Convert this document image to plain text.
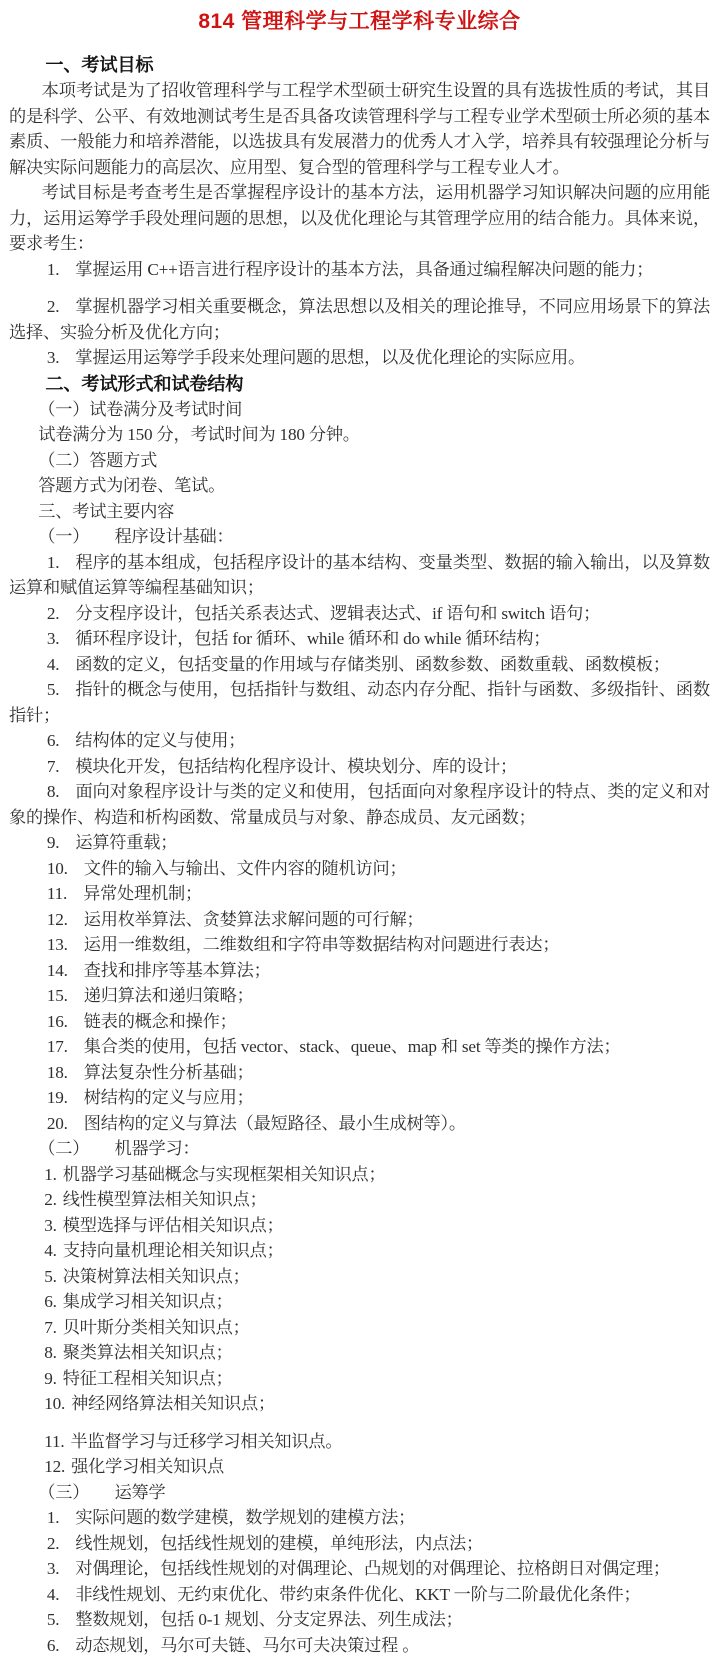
814 管理科学与工程学科专业综合
一、考试目标

本项考试是为了招收管理科学与工程学术型硕士研究生设置的具有选拔性质的考试，其目的是科学、公平、有效地测试考生是否具备攻读管理科学与工程专业学术型硕士所必须的基本素质、一般能力和培养潜能，以选拔具有发展潜力的优秀人才入学，培养具有较强理论分析与解决实际问题能力的高层次、应用型、复合型的管理科学与工程专业人才。

考试目标是考查考生是否掌握程序设计的基本方法，运用机器学习知识解决问题的应用能力，运用运筹学手段处理问题的思想，以及优化理论与其管理学应用的结合能力。具体来说，要求考生：

1. 掌握运用 C++语言进行程序设计的基本方法，具备通过编程解决问题的能力；

2. 掌握机器学习相关重要概念，算法思想以及相关的理论推导，不同应用场景下的算法选择、实验分析及优化方向；

3. 掌握运用运筹学手段来处理问题的思想，以及优化理论的实际应用。

二、考试形式和试卷结构

（一）试卷满分及考试时间

试卷满分为 150 分，考试时间为 180 分钟。

（二）答题方式

答题方式为闭卷、笔试。

三、考试主要内容

（一）　　程序设计基础：

1. 程序的基本组成，包括程序设计的基本结构、变量类型、数据的输入输出，以及算数运算和赋值运算等编程基础知识；

2. 分支程序设计，包括关系表达式、逻辑表达式、if 语句和 switch 语句；

3. 循环程序设计，包括 for 循环、while 循环和 do while 循环结构；

4. 函数的定义，包括变量的作用域与存储类别、函数参数、函数重载、函数模板；

5. 指针的概念与使用，包括指针与数组、动态内存分配、指针与函数、多级指针、函数指针；

6. 结构体的定义与使用；

7. 模块化开发，包括结构化程序设计、模块划分、库的设计；

8. 面向对象程序设计与类的定义和使用，包括面向对象程序设计的特点、类的定义和对象的操作、构造和析构函数、常量成员与对象、静态成员、友元函数；

9. 运算符重载；

10. 文件的输入与输出、文件内容的随机访问；

11. 异常处理机制；

12. 运用枚举算法、贪婪算法求解问题的可行解；

13. 运用一维数组，二维数组和字符串等数据结构对问题进行表达；

14. 查找和排序等基本算法；

15. 递归算法和递归策略；

16. 链表的概念和操作；

17. 集合类的使用，包括 vector、stack、queue、map 和 set 等类的操作方法；

18. 算法复杂性分析基础；

19. 树结构的定义与应用；

20. 图结构的定义与算法（最短路径、最小生成树等）。

（二）　　机器学习：

1. 机器学习基础概念与实现框架相关知识点；

2. 线性模型算法相关知识点；

3. 模型选择与评估相关知识点；

4. 支持向量机理论相关知识点；

5. 决策树算法相关知识点；

6. 集成学习相关知识点；

7. 贝叶斯分类相关知识点；

8. 聚类算法相关知识点；

9. 特征工程相关知识点；

10. 神经网络算法相关知识点；

11. 半监督学习与迁移学习相关知识点。

12. 强化学习相关知识点

（三）　　运筹学

1. 实际问题的数学建模，数学规划的建模方法；

2. 线性规划，包括线性规划的建模，单纯形法，内点法；

3. 对偶理论，包括线性规划的对偶理论、凸规划的对偶理论、拉格朗日对偶定理；

4. 非线性规划、无约束优化、带约束条件优化、KKT 一阶与二阶最优化条件；

5. 整数规划，包括 0-1 规划、分支定界法、列生成法；

6. 动态规划，马尔可夫链、马尔可夫决策过程 。
